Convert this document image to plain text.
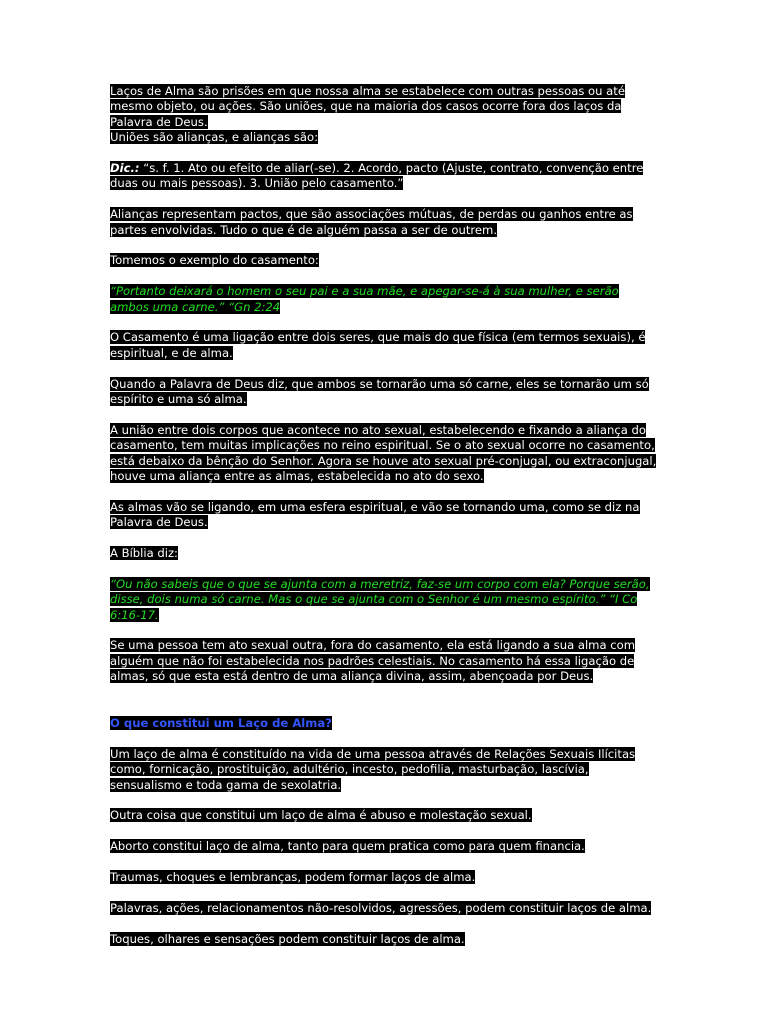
Laços de Alma são prisões em que nossa alma se estabelece com outras pessoas ou até mesmo objeto, ou ações. São uniões, que na maioria dos casos ocorre fora dos laços da Palavra de Deus.

Uniões são alianças, e alianças são:

Dic.: “s. f. 1. Ato ou efeito de aliar(-se). 2. Acordo, pacto (Ajuste, contrato, convenção entre duas ou mais pessoas). 3. União pelo casamento.”

Alianças representam pactos, que são associações mútuas, de perdas ou ganhos entre as partes envolvidas. Tudo o que é de alguém passa a ser de outrem.

Tomemos o exemplo do casamento:

“Portanto deixará o homem o seu pai e a sua mãe, e apegar-se-á à sua mulher, e serão ambos uma carne.” “Gn 2:24

O Casamento é uma ligação entre dois seres, que mais do que física (em termos sexuais), é espiritual, e de alma.

Quando a Palavra de Deus diz, que ambos se tornarão uma só carne, eles se tornarão um só espírito e uma só alma.

A união entre dois corpos que acontece no ato sexual, estabelecendo e fixando a aliança do casamento, tem muitas implicações no reino espiritual. Se o ato sexual ocorre no casamento, está debaixo da bênção do Senhor. Agora se houve ato sexual pré-conjugal, ou extraconjugal, houve uma aliança entre as almas, estabelecida no ato do sexo.

As almas vão se ligando, em uma esfera espiritual, e vão se tornando uma, como se diz na Palavra de Deus.

A Bíblia diz:

“Ou não sabeis que o que se ajunta com a meretriz, faz-se um corpo com ela? Porque serão, disse, dois numa só carne. Mas o que se ajunta com o Senhor é um mesmo espírito.” “I Co 6:16-17.

Se uma pessoa tem ato sexual outra, fora do casamento, ela está ligando a sua alma com alguém que não foi estabelecida nos padrões celestiais. No casamento há essa ligação de almas, só que esta está dentro de uma aliança divina, assim, abençoada por Deus.

O que constitui um Laço de Alma?

Um laço de alma é constituído na vida de uma pessoa através de Relações Sexuais Ilícitas como, fornicação, prostituição, adultério, incesto, pedofilia, masturbação, lascívia, sensualismo e toda gama de sexolatria.

Outra coisa que constitui um laço de alma é abuso e molestação sexual.

Aborto constitui laço de alma, tanto para quem pratica como para quem financia.

Traumas, choques e lembranças, podem formar laços de alma.

Palavras, ações, relacionamentos não-resolvidos, agressões, podem constituir laços de alma.

Toques, olhares e sensações podem constituir laços de alma.
